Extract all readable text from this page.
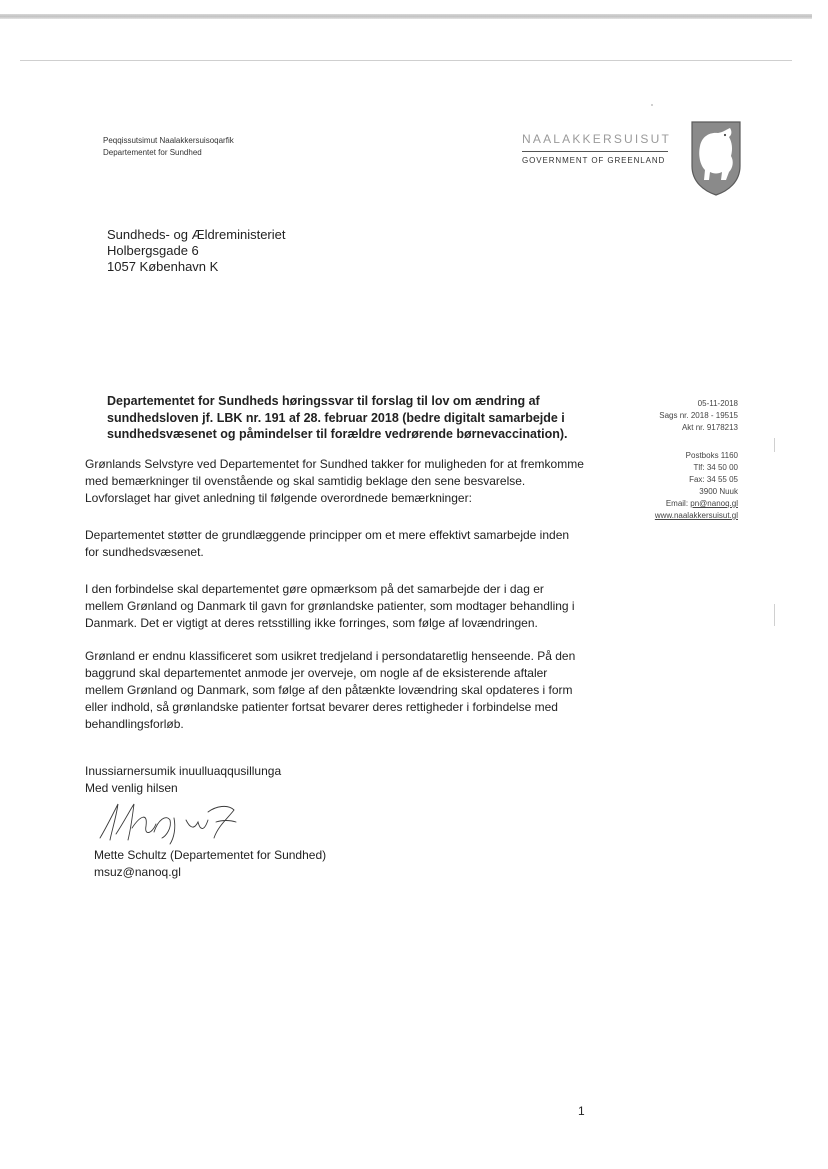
Peqqissutsimut Naalakkersuisoqarfik
Departementet for Sundhed
NAALAKKERSUISUT
GOVERNMENT OF GREENLAND
Sundheds- og Ældreministeriet
Holbergsgade 6
1057 København K
Departementet for Sundheds høringssvar til forslag til lov om ændring af sundhedsloven jf. LBK nr. 191 af 28. februar 2018 (bedre digitalt samarbejde i sundhedsvæsenet og påmindelser til forældre vedrørende børnevaccination).
05-11-2018
Sags nr. 2018 - 19515
Akt nr. 9178213
Postboks 1160
Tlf: 34 50 00
Fax: 34 55 05
3900 Nuuk
Email: pn@nanoq.gl
www.naalakkersuisut.gl

Grønlands Selvstyre ved Departementet for Sundhed takker for muligheden for at fremkomme med bemærkninger til ovenstående og skal samtidig beklage den sene besvarelse. Lovforslaget har givet anledning til følgende overordnede bemærkninger:

Departementet støtter de grundlæggende principper om et mere effektivt samarbejde inden for sundhedsvæsenet.

I den forbindelse skal departementet gøre opmærksom på det samarbejde der i dag er mellem Grønland og Danmark til gavn for grønlandske patienter, som modtager behandling i Danmark. Det er vigtigt at deres retsstilling ikke forringes, som følge af lovændringen.

Grønland er endnu klassificeret som usikret tredjeland i persondataretlig henseende. På den baggrund skal departementet anmode jer overveje, om nogle af de eksisterende aftaler mellem Grønland og Danmark, som følge af den påtænkte lovændring skal opdateres i form eller indhold, så grønlandske patienter fortsat bevarer deres rettigheder i forbindelse med behandlingsforløb.

Inussiarnersumik inuulluaqqusillunga
Med venlig hilsen
Mette Schultz (Departementet for Sundhed)
msuz@nanoq.gl
1
